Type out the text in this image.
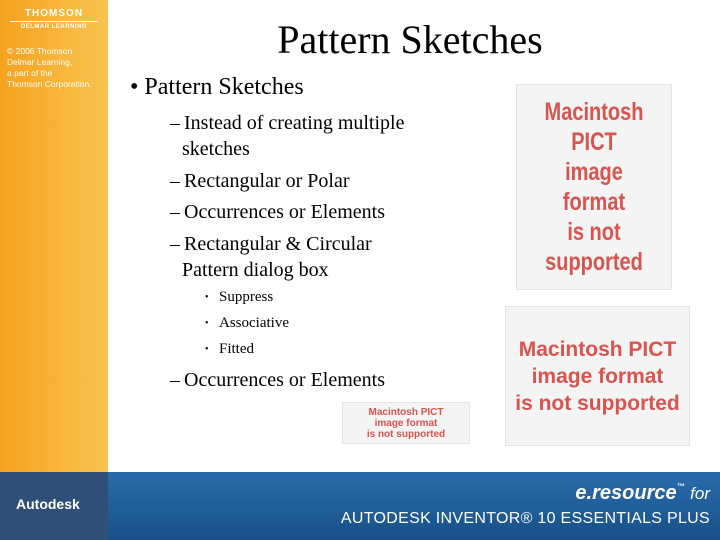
THOMSON
DELMAR LEARNING
© 2006 Thomson
Delmar Learning,
a part of the
Thomson Corporation.
Pattern Sketches
• Pattern Sketches
– Instead of creating multiple
sketches
– Rectangular or Polar
– Occurrences or Elements
– Rectangular & Circular
Pattern dialog box
• Suppress
• Associative
• Fitted
– Occurrences or Elements
Macintosh PICT
image format
is not supported
Macintosh PICT
image format
is not supported
Macintosh PICT
image format
is not supported
Autodesk	e.resource™ for
AUTODESK INVENTOR® 10 ESSENTIALS PLUS
